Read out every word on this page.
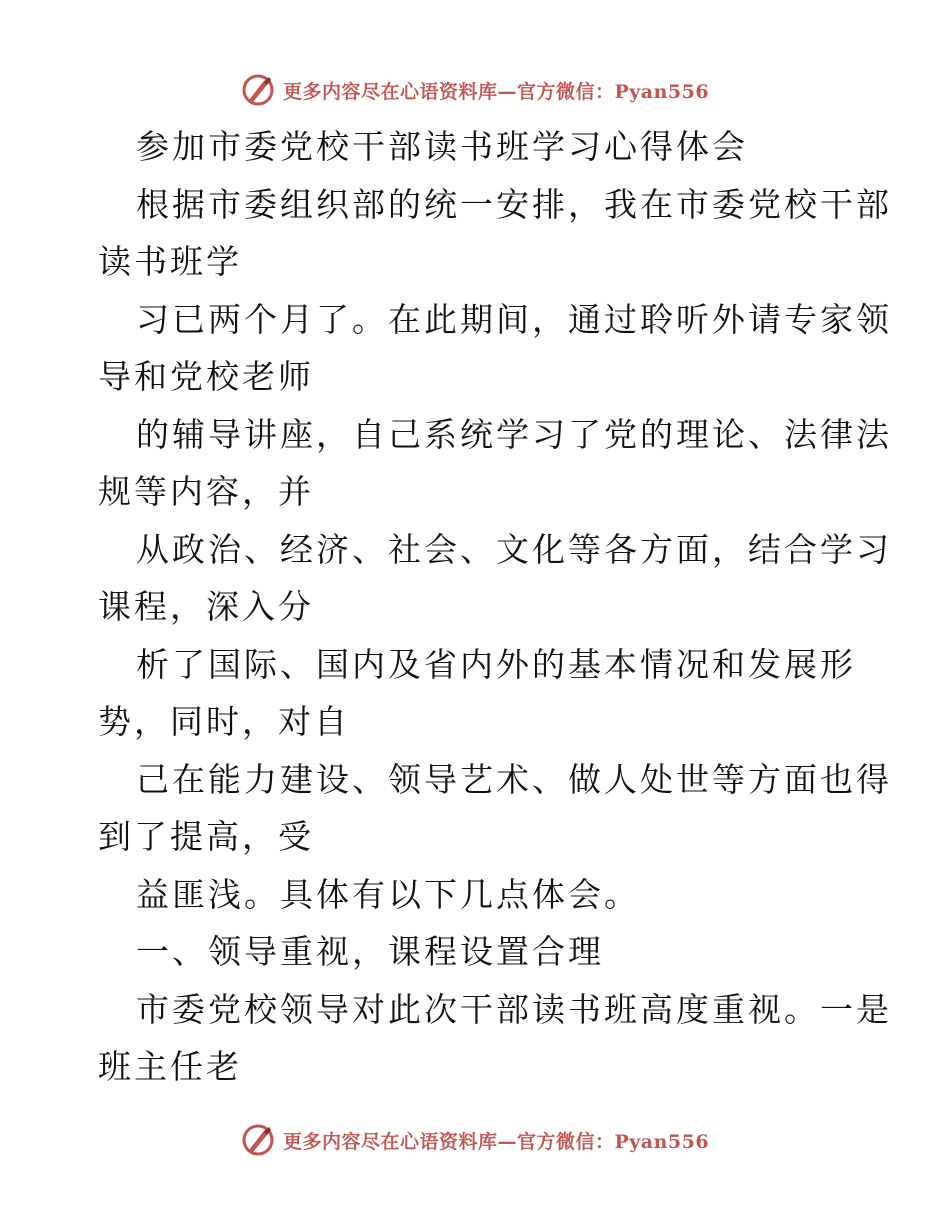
更多内容尽在心语资料库—官方微信：Pyan556
参加市委党校干部读书班学习心得体会
根据市委组织部的统一安排，我在市委党校干部
读书班学
习已两个月了。在此期间，通过聆听外请专家领
导和党校老师
的辅导讲座，自己系统学习了党的理论、法律法
规等内容，并
从政治、经济、社会、文化等各方面，结合学习
课程，深入分
析了国际、国内及省内外的基本情况和发展形
势，同时，对自
己在能力建设、领导艺术、做人处世等方面也得
到了提高，受
益匪浅。具体有以下几点体会。
一、领导重视，课程设置合理
市委党校领导对此次干部读书班高度重视。一是
班主任老
更多内容尽在心语资料库—官方微信：Pyan556
